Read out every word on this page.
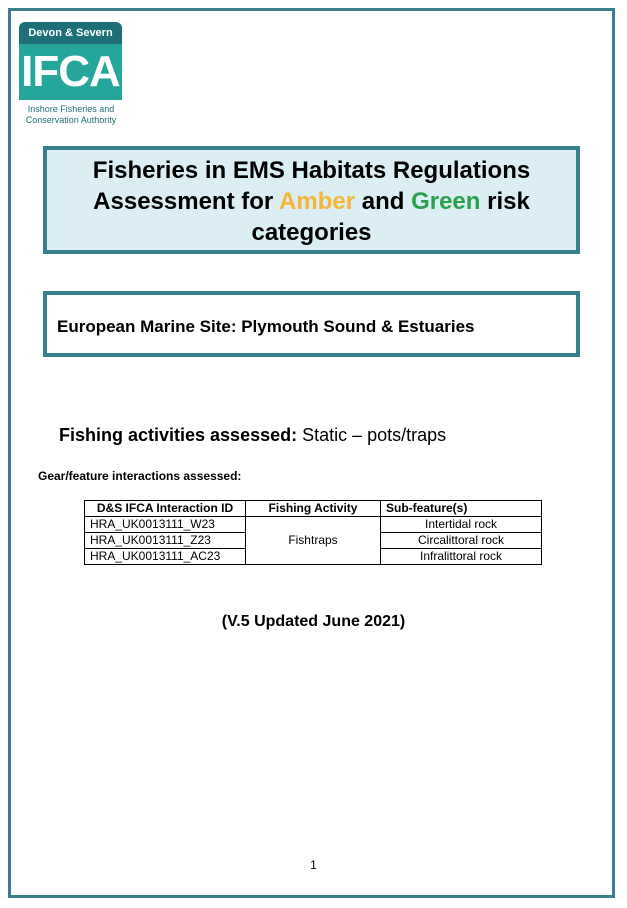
Devon & Severn
IFCA
Inshore Fisheries and
Conservation Authority
Fisheries in EMS Habitats Regulations
Assessment for Amber and Green risk
categories
European Marine Site: Plymouth Sound & Estuaries
Fishing activities assessed: Static – pots/traps
Gear/feature interactions assessed:
D&S IFCA Interaction ID	Fishing Activity	Sub-feature(s)
HRA_UK0013111_W23	Fishtraps	Intertidal rock
HRA_UK0013111_Z23		Circalittoral rock
HRA_UK0013111_AC23		Infralittoral rock
(V.5 Updated June 2021)
1
